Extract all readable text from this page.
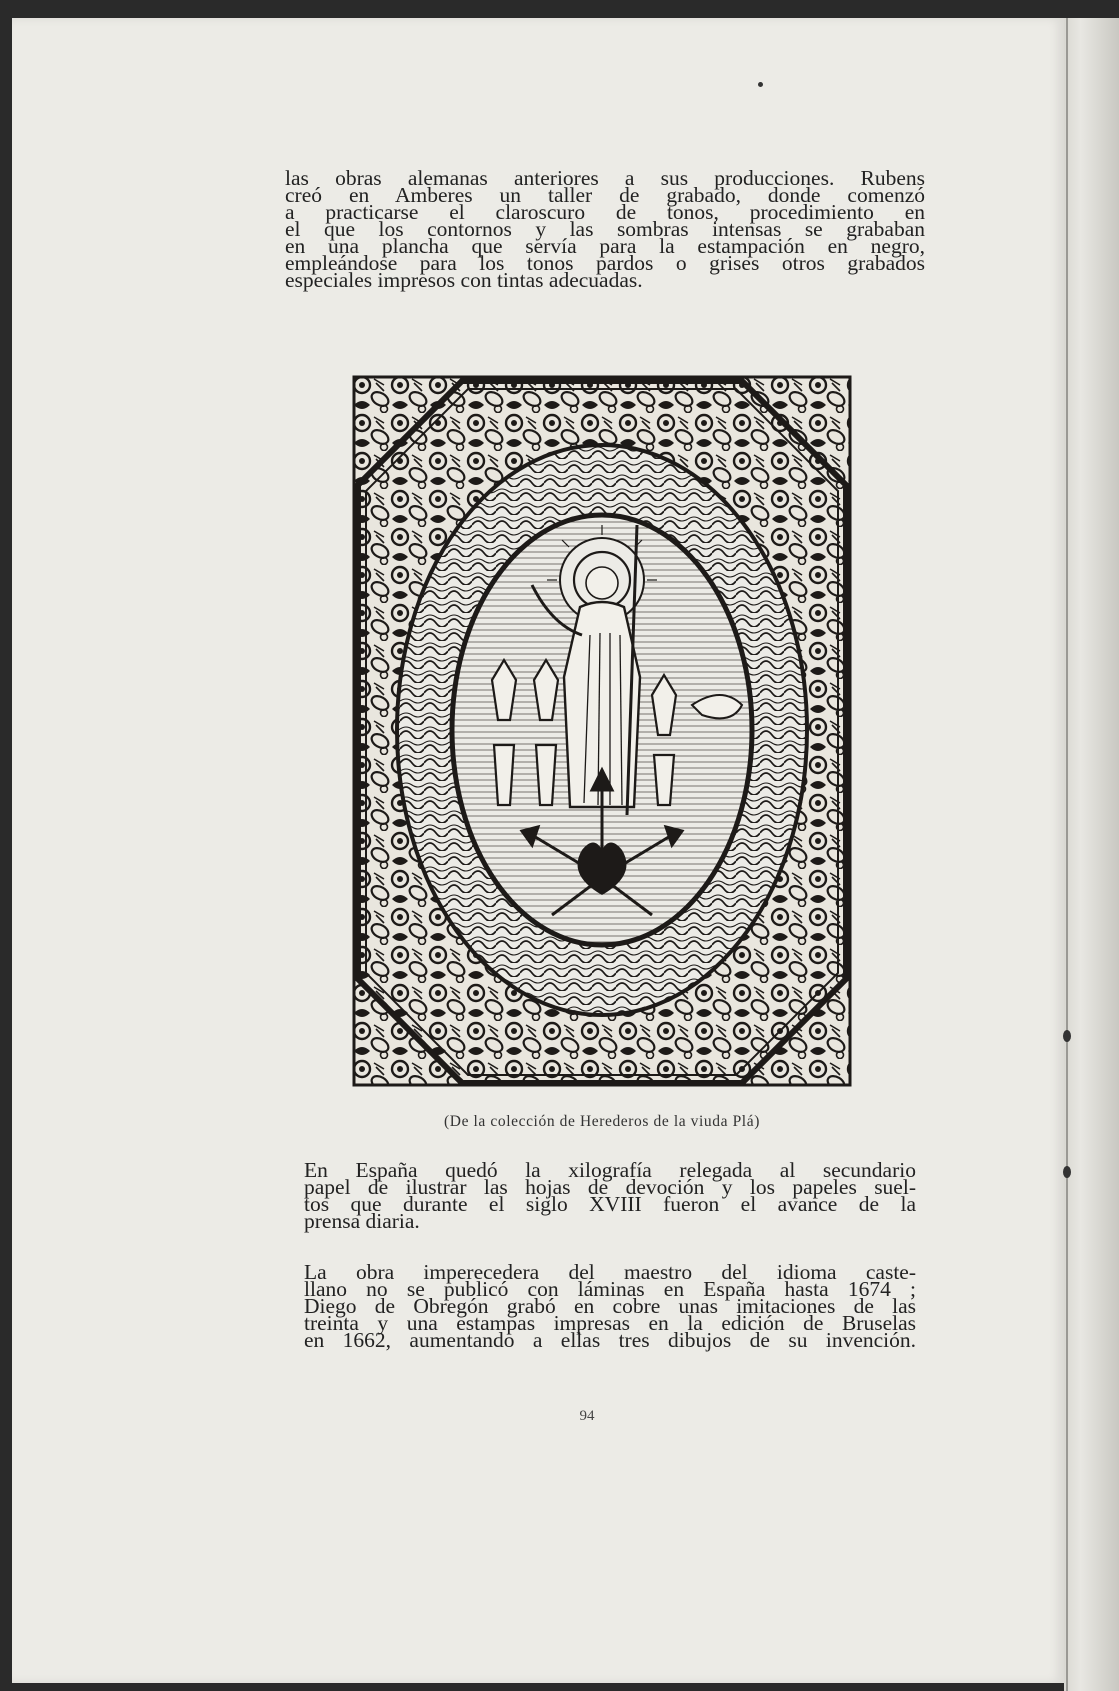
las obras alemanas anteriores a sus producciones. Rubens
creó en Amberes un taller de grabado, donde comenzó
a practicarse el claroscuro de tonos, procedimiento en
el que los contornos y las sombras intensas se grababan
en una plancha que servía para la estampación en negro,
empleándose para los tonos pardos o grises otros grabados
especiales impresos con tintas adecuadas.
(De la colección de Herederos de la viuda Plá)
En España quedó la xilografía relegada al secundario
papel de ilustrar las hojas de devoción y los papeles suel-
tos que durante el siglo XVIII fueron el avance de la
prensa diaria.
La obra imperecedera del maestro del idioma caste-
llano no se publicó con láminas en España hasta 1674 ;
Diego de Obregón grabó en cobre unas imitaciones de las
treinta y una estampas impresas en la edición de Bruselas
en 1662, aumentando a ellas tres dibujos de su invención.
94
